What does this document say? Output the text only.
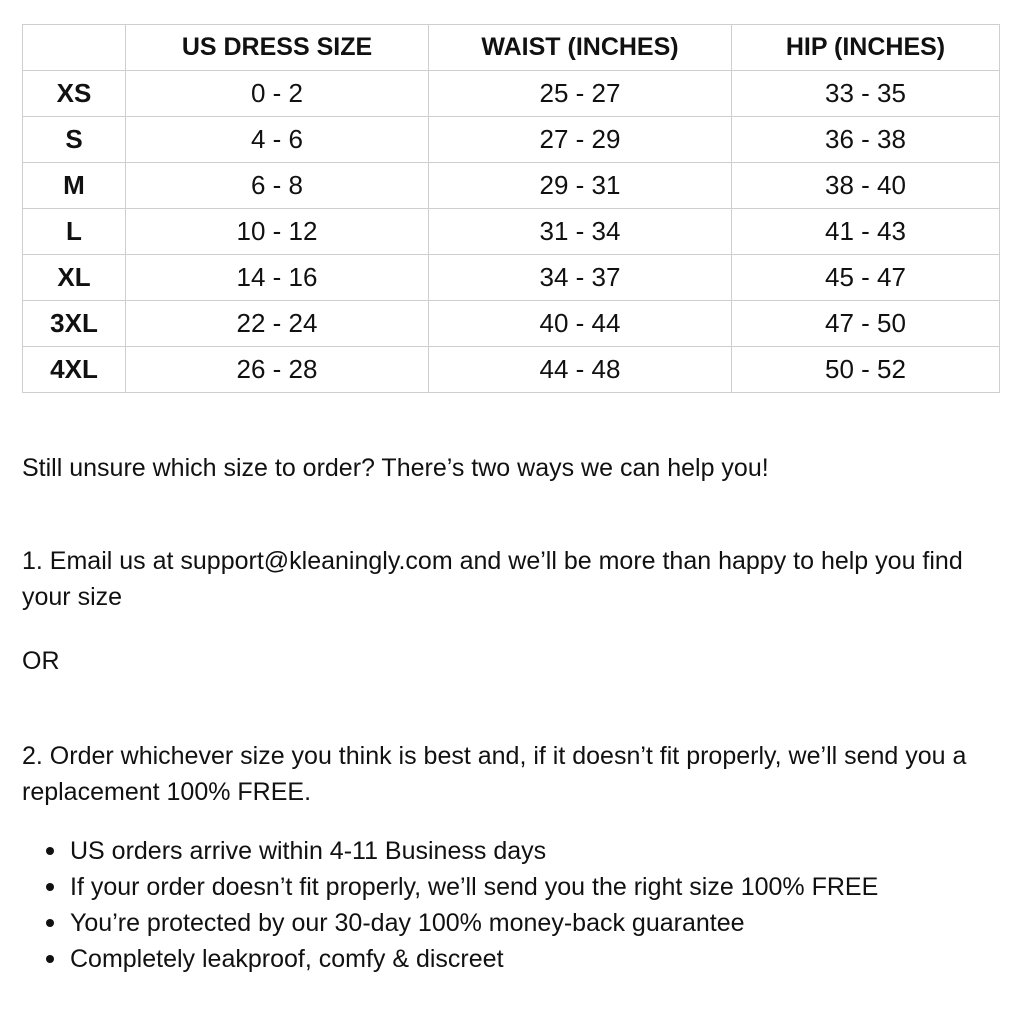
	US DRESS SIZE	WAIST (INCHES)	HIP (INCHES)
XS	0 - 2	25 - 27	33 - 35
S	4 - 6	27 - 29	36 - 38
M	6 - 8	29 - 31	38 - 40
L	10 - 12	31 - 34	41 - 43
XL	14 - 16	34 - 37	45 - 47
3XL	22 - 24	40 - 44	47 - 50
4XL	26 - 28	44 - 48	50 - 52

Still unsure which size to order? There’s two ways we can help you!

1. Email us at support@kleaningly.com and we’ll be more than happy to help you find your size

OR

2. Order whichever size you think is best and, if it doesn’t fit properly, we’ll send you a replacement 100% FREE.

US orders arrive within 4-11 Business days
If your order doesn’t fit properly, we’ll send you the right size 100% FREE
You’re protected by our 30-day 100% money-back guarantee
Completely leakproof, comfy & discreet
